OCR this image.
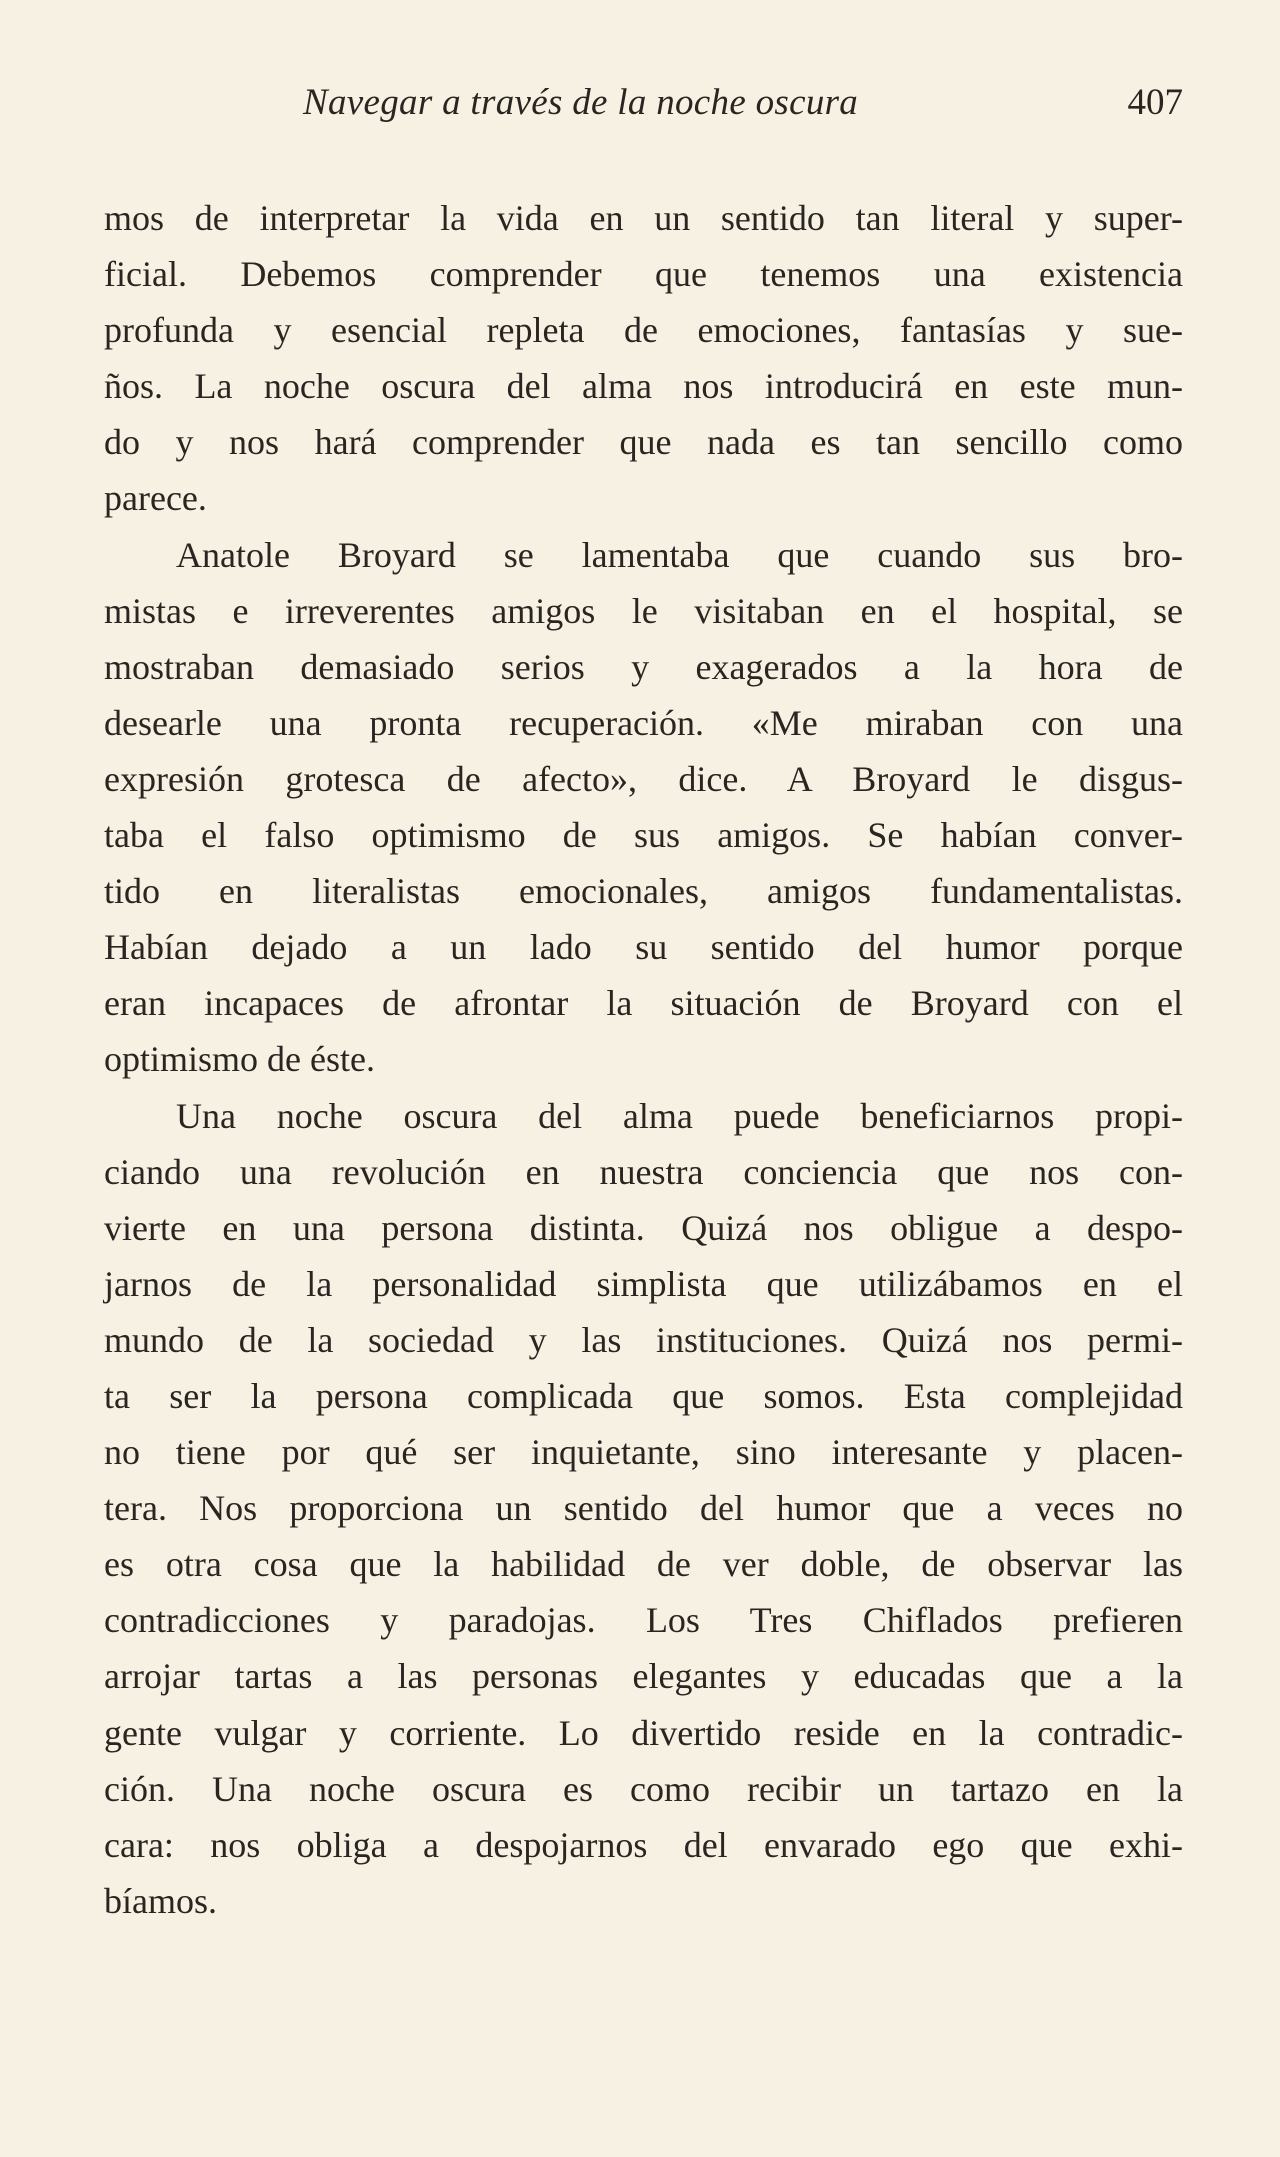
Navegar a través de la noche oscura	407
mos de interpretar la vida en un sentido tan literal y super-
ficial. Debemos comprender que tenemos una existencia
profunda y esencial repleta de emociones, fantasías y sue-
ños. La noche oscura del alma nos introducirá en este mun-
do y nos hará comprender que nada es tan sencillo como
parece.
Anatole Broyard se lamentaba que cuando sus bro-
mistas e irreverentes amigos le visitaban en el hospital, se
mostraban demasiado serios y exagerados a la hora de
desearle una pronta recuperación. «Me miraban con una
expresión grotesca de afecto», dice. A Broyard le disgus-
taba el falso optimismo de sus amigos. Se habían conver-
tido en literalistas emocionales, amigos fundamentalistas.
Habían dejado a un lado su sentido del humor porque
eran incapaces de afrontar la situación de Broyard con el
optimismo de éste.
Una noche oscura del alma puede beneficiarnos propi-
ciando una revolución en nuestra conciencia que nos con-
vierte en una persona distinta. Quizá nos obligue a despo-
jarnos de la personalidad simplista que utilizábamos en el
mundo de la sociedad y las instituciones. Quizá nos permi-
ta ser la persona complicada que somos. Esta complejidad
no tiene por qué ser inquietante, sino interesante y placen-
tera. Nos proporciona un sentido del humor que a veces no
es otra cosa que la habilidad de ver doble, de observar las
contradicciones y paradojas. Los Tres Chiflados prefieren
arrojar tartas a las personas elegantes y educadas que a la
gente vulgar y corriente. Lo divertido reside en la contradic-
ción. Una noche oscura es como recibir un tartazo en la
cara: nos obliga a despojarnos del envarado ego que exhi-
bíamos.
